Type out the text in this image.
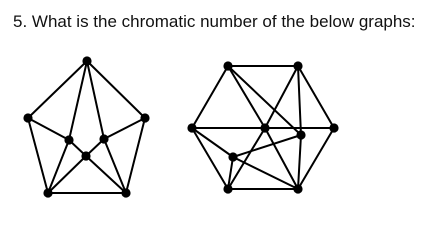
5. What is the chromatic number of the below graphs:
